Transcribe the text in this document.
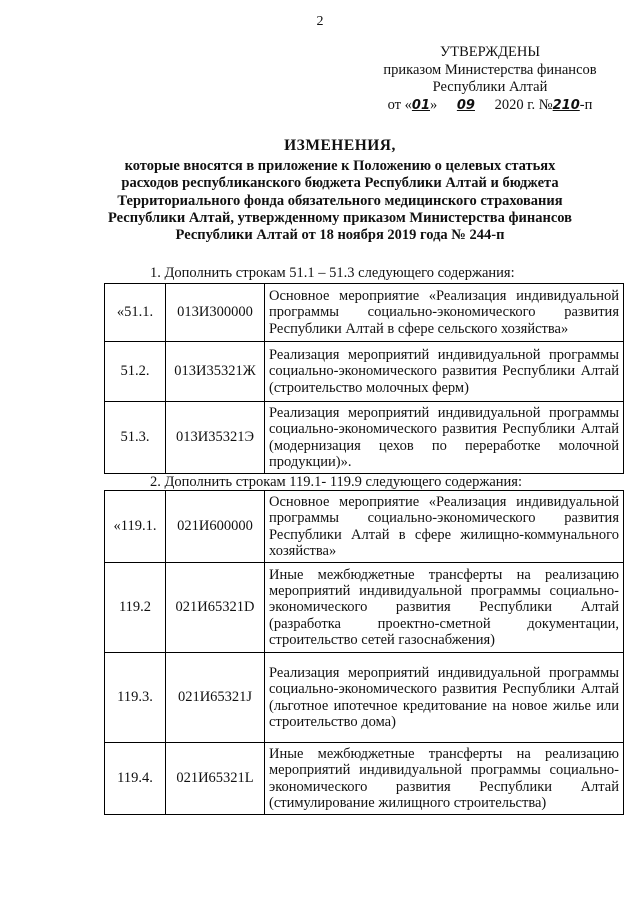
2
УТВЕРЖДЕНЫ
приказом Министерства финансов
Республики Алтай
от «01» 09 2020 г. №210-п
ИЗМЕНЕНИЯ,
которые вносятся в приложение к Положению о целевых статьях
расходов республиканского бюджета Республики Алтай и бюджета
Территориального фонда обязательного медицинского страхования
Республики Алтай, утвержденному приказом Министерства финансов
Республики Алтай от 18 ноября 2019 года № 244-п
1. Дополнить строкам 51.1 – 51.3 следующего содержания:
«51.1.	013И300000	Основное мероприятие «Реализация индивидуальной программы социально-экономического развития Республики Алтай в сфере сельского хозяйства»
51.2.	013И35321Ж	Реализация мероприятий индивидуальной программы социально-экономического развития Республики Алтай (строительство молочных ферм)
51.3.	013И35321Э	Реализация мероприятий индивидуальной программы социально-экономического развития Республики Алтай (модернизация цехов по переработке молочной продукции)».
2. Дополнить строкам 119.1- 119.9 следующего содержания:
«119.1.	021И600000	Основное мероприятие «Реализация индивидуальной программы социально-экономического развития Республики Алтай в сфере жилищно-коммунального хозяйства»
119.2	021И65321D	Иные межбюджетные трансферты на реализацию мероприятий индивидуальной программы социально-экономического развития Республики Алтай (разработка проектно-сметной документации, строительство сетей газоснабжения)
119.3.	021И65321J	Реализация мероприятий индивидуальной программы социально-экономического развития Республики Алтай (льготное ипотечное кредитование на новое жилье или строительство дома)
119.4.	021И65321L	Иные межбюджетные трансферты на реализацию мероприятий индивидуальной программы социально-экономического развития Республики Алтай (стимулирование жилищного строительства)
